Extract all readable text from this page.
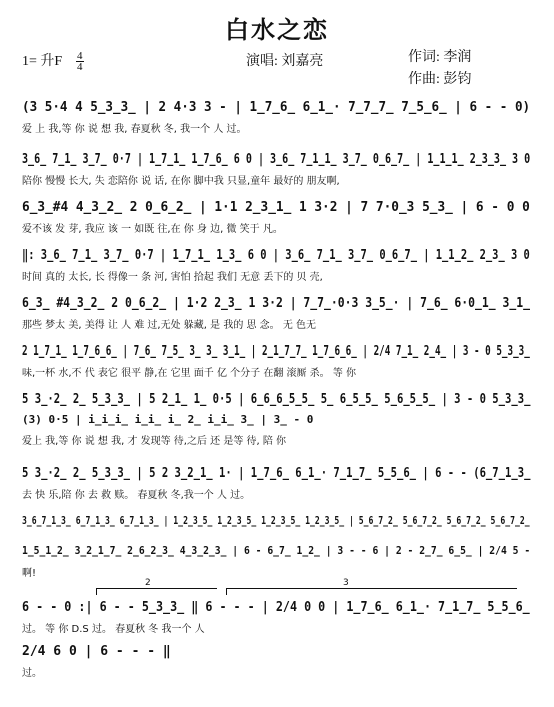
白水之恋
1= 升F $\frac{4}{4}$	演唱: 刘嘉亮	作词: 李润
作曲: 彭钧
(3 5·4 4 5̲3̲3̲ | 2 4·3 3 - | 1̲7̲6̲ 6̲1̲· 7̲7̲7̲ 7̲5̲6̲ | 6 - - 0)
爱 上 我,等 你 说 想 我, 春夏秋 冬, 我一个 人 过。
3̲6̲ 7̲1̲ 3̲7̲ 0·7 | 1̲7̲1̲ 1̲7̲6̲ 6 0 | 3̲6̲ 7̲1̲1̲ 3̲7̲ 0̲6̲7̲ | 1̲1̲1̲ 2̲3̲3̲ 3 0
陪你 慢慢 长大, 失 恋陪你 说 话, 在你 脚中我 只显,童年 最好的 朋友啊,
6̲3̲#4 4̲3̲2̲ 2 0̲6̲2̲ | 1·1 2̲3̲1̲ 1 3·2 | 7 7·0̲3 5̲3̲ | 6 - 0 0
爱不该 发 芽, 我应 该 一 如既 往,在 你 身 边, 微 笑于 凡。
‖: 3̲6̲ 7̲1̲ 3̲7̲ 0·7 | 1̲7̲1̲ 1̲3̲ 6 0 | 3̲6̲ 7̲1̲ 3̲7̲ 0̲6̲7̲ | 1̲1̲2̲ 2̲3̲ 3 0
时间 真的 太长, 长 得像一 条 河, 害怕 拾起 我们 无意 丢下的 贝 壳,
6̲3̲ #4̲3̲2̲ 2 0̲6̲2̲ | 1·2 2̲3̲ 1 3·2 | 7̲7̲·0·3 3̲5̲· | 7̲6̲ 6·0̲1̲ 3̲1̲
那些 梦太 美, 美得 让 人 难 过,无处 躲藏, 是 我的 思 念。 无 色无
2 1̲7̲1̲ 1̲7̲6̲6̲ | 7̲6̲ 7̲5̲ 3̲ 3̲ 3̲1̲ | 2̲1̲7̲7̲ 1̲7̲6̲6̲ | 2/4 7̲1̲ 2̲4̲ | 3 - 0 5̲3̲3̲
味,一杯 水,不 代 表它 很平 静,在 它里 面千 亿 个分子 在翻 滚厮 杀。 等 你
5 3̲·2̲ 2̲ 5̲3̲3̲ | 5 2̲1̲ 1̲ 0·5 | 6̲6̲6̲5̲5̲ 5̲ 6̲5̲5̲ 5̲6̲5̲5̲ | 3 - 0 5̲3̲3̲
爱上 我,等 你 说 想 我, 才 发现等 待,之后 还 是等 待, 陪 你
(3) 0·5 | i̲i̲i̲ i̲i̲ i̲ 2̲ i̲i̲ 3̲ | 3̲ - 0
5 3̲·2̲ 2̲ 5̲3̲3̲ | 5 2 3̲2̲1̲ 1· | 1̲7̲6̲ 6̲1̲· 7̲1̲7̲ 5̲5̲6̲ | 6 - - (6̲7̲1̲3̲
去 快 乐,陪 你 去 救 赎。 春夏秋 冬,我一个 人 过。
3̲6̲7̲1̲3̲ 6̲7̲1̲3̲ 6̲7̲1̲3̲ | 1̲2̲3̲5̲ 1̲2̲3̲5̲ 1̲2̲3̲5̲ 1̲2̲3̲5̲ | 5̲6̲7̲2̲ 5̲6̲7̲2̲ 5̲6̲7̲2̲ 5̲6̲7̲2̲
1̲5̲1̲2̲ 3̲2̲1̲7̲ 2̲6̲2̲3̲ 4̲3̲2̲3̲ | 6 - 6̲7̲ 1̲2̲ | 3 - - 6 | 2 - 2̲7̲ 6̲5̲ | 2/4 5 -
啊!
2	3
6 - - 0 :| 6 - - 5̲3̲3̲ ‖ 6 - - - | 2/4 0 0 | 1̲7̲6̲ 6̲1̲· 7̲1̲7̲ 5̲5̲6̲
过。 等 你 D.S 过。 春夏秋 冬 我一个 人
2/4 6 0 | 6 - - - ‖
过。
